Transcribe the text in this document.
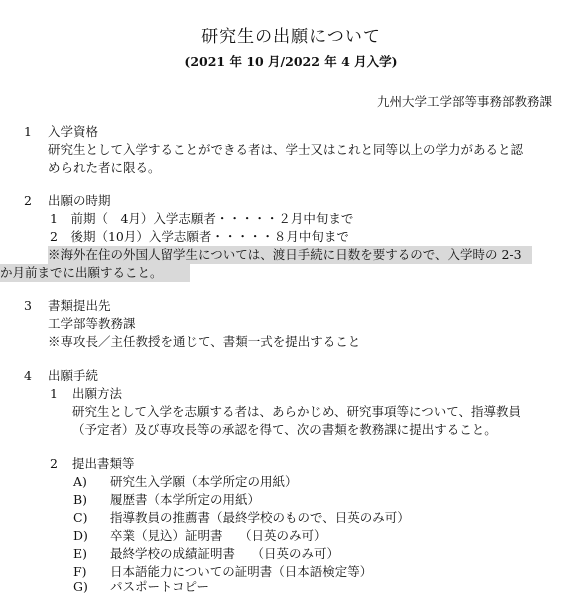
研究生の出願について
(2021 年 10 月/2022 年 4 月入学)
九州大学工学部等事務部教務課
1 入学資格
研究生として入学することができる者は、学士又はこれと同等以上の学力があると認
められた者に限る。
2 出願の時期
1　前期（　4月）入学志願者・・・・・２月中旬まで
2　後期（10月）入学志願者・・・・・８月中旬まで
※海外在住の外国人留学生については、渡日手続に日数を要するので、入学時の 2-3
か月前までに出願すること。
3 書類提出先
工学部等教務課
※専攻長／主任教授を通じて、書類一式を提出すること
4 出願手続
1 出願方法
研究生として入学を志願する者は、あらかじめ、研究事項等について、指導教員
（予定者）及び専攻長等の承認を得て、次の書類を教務課に提出すること。
2 提出書類等
A) 研究生入学願（本学所定の用紙）
B) 履歴書（本学所定の用紙）
C) 指導教員の推薦書（最終学校のもので、日英のみ可）
D) 卒業（見込）証明書　 （日英のみ可）
E) 最終学校の成績証明書　 （日英のみ可）
F) 日本語能力についての証明書（日本語検定等）
G) パスポートコピー
